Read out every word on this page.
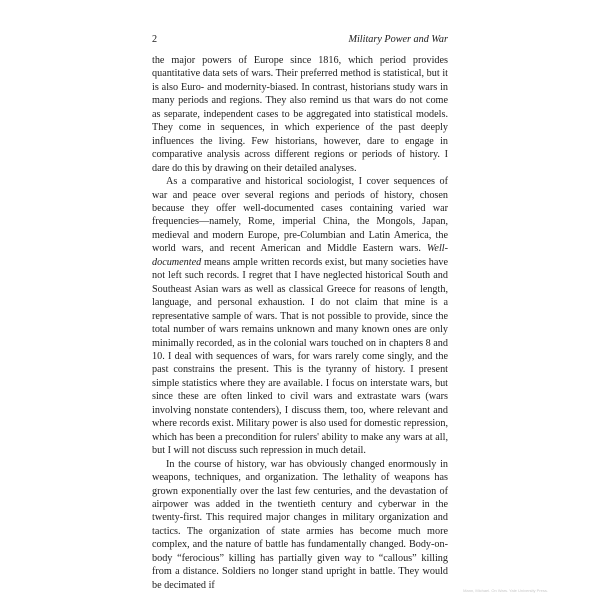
2	Military Power and War

the major powers of Europe since 1816, which period provides quantitative data sets of wars. Their preferred method is statistical, but it is also Euro- and modernity-biased. In contrast, historians study wars in many periods and regions. They also remind us that wars do not come as separate, independent cases to be aggregated into statistical models. They come in sequences, in which experience of the past deeply influences the living. Few historians, however, dare to engage in comparative analysis across different regions or periods of history. I dare do this by drawing on their detailed analyses.

As a comparative and historical sociologist, I cover sequences of war and peace over several regions and periods of history, chosen because they offer well-documented cases containing varied war frequencies—namely, Rome, imperial China, the Mongols, Japan, medieval and modern Europe, pre-Columbian and Latin America, the world wars, and recent American and Middle Eastern wars. Well-documented means ample written records exist, but many societies have not left such records. I regret that I have neglected historical South and Southeast Asian wars as well as classical Greece for reasons of length, language, and personal exhaustion. I do not claim that mine is a representative sample of wars. That is not possible to provide, since the total number of wars remains unknown and many known ones are only minimally recorded, as in the colonial wars touched on in chapters 8 and 10. I deal with sequences of wars, for wars rarely come singly, and the past constrains the present. This is the tyranny of history. I present simple statistics where they are available. I focus on interstate wars, but since these are often linked to civil wars and extrastate wars (wars involving nonstate contenders), I discuss them, too, where relevant and where records exist. Military power is also used for domestic repression, which has been a precondition for rulers' ability to make any wars at all, but I will not discuss such repression in much detail.

In the course of history, war has obviously changed enormously in weapons, techniques, and organization. The lethality of weapons has grown exponentially over the last few centuries, and the devastation of airpower was added in the twentieth century and cyberwar in the twenty-first. This required major changes in military organization and tactics. The organization of state armies has become much more complex, and the nature of battle has fundamentally changed. Body-on-body “ferocious” killing has partially given way to “callous” killing from a distance. Soldiers no longer stand upright in battle. They would be decimated if	Mann, Michael. On Wars. Yale University Press.
